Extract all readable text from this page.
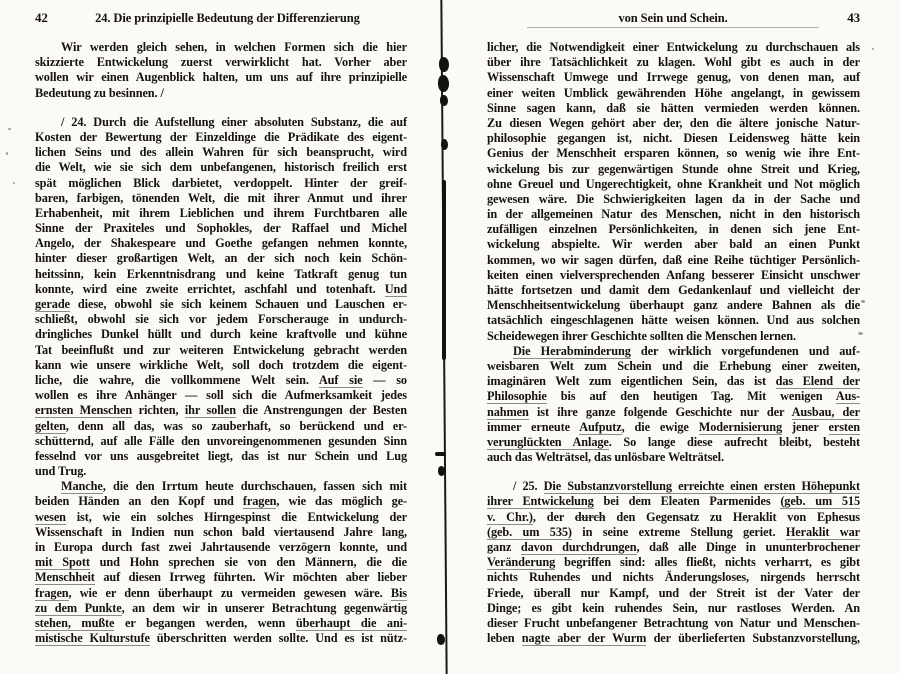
42	24. Die prinzipielle Bedeutung der Differenzierung
Wir werden gleich sehen, in welchen Formen sich die hier
skizzierte Entwickelung zuerst verwirklicht hat. Vorher aber
wollen wir einen Augenblick halten, um uns auf ihre prinzipielle
Bedeutung zu besinnen. /
/ 24. Durch die Aufstellung einer absoluten Substanz, die auf
Kosten der Bewertung der Einzeldinge die Prädikate des eigent-
lichen Seins und des allein Wahren für sich beansprucht, wird
die Welt, wie sie sich dem unbefangenen, historisch freilich erst
spät möglichen Blick darbietet, verdoppelt. Hinter der greif-
baren, farbigen, tönenden Welt, die mit ihrer Anmut und ihrer
Erhabenheit, mit ihrem Lieblichen und ihrem Furchtbaren alle
Sinne der Praxiteles und Sophokles, der Raffael und Michel
Angelo, der Shakespeare und Goethe gefangen nehmen konnte,
hinter dieser großartigen Welt, an der sich noch kein Schön-
heitssinn, kein Erkenntnisdrang und keine Tatkraft genug tun
konnte, wird eine zweite errichtet, aschfahl und totenhaft. Und
gerade diese, obwohl sie sich keinem Schauen und Lauschen er-
schließt, obwohl sie sich vor jedem Forscherauge in undurch-
dringliches Dunkel hüllt und durch keine kraftvolle und kühne
Tat beeinflußt und zur weiteren Entwickelung gebracht werden
kann wie unsere wirkliche Welt, soll doch trotzdem die eigent-
liche, die wahre, die vollkommene Welt sein. Auf sie — so
wollen es ihre Anhänger — soll sich die Aufmerksamkeit jedes
ernsten Menschen richten, ihr sollen die Anstrengungen der Besten
gelten, denn all das, was so zauberhaft, so berückend und er-
schütternd, auf alle Fälle den unvoreingenommenen gesunden Sinn
fesselnd vor uns ausgebreitet liegt, das ist nur Schein und Lug
und Trug.
Manche, die den Irrtum heute durchschauen, fassen sich mit
beiden Händen an den Kopf und fragen, wie das möglich ge-
wesen ist, wie ein solches Hirngespinst die Entwickelung der
Wissenschaft in Indien nun schon bald viertausend Jahre lang,
in Europa durch fast zwei Jahrtausende verzögern konnte, und
mit Spott und Hohn sprechen sie von den Männern, die die
Menschheit auf diesen Irrweg führten. Wir möchten aber lieber
fragen, wie er denn überhaupt zu vermeiden gewesen wäre. Bis
zu dem Punkte, an dem wir in unserer Betrachtung gegenwärtig
stehen, mußte er begangen werden, wenn überhaupt die ani-
mistische Kulturstufe überschritten werden sollte. Und es ist nütz-
von Sein und Schein.	43
licher, die Notwendigkeit einer Entwickelung zu durchschauen als
über ihre Tatsächlichkeit zu klagen. Wohl gibt es auch in der
Wissenschaft Umwege und Irrwege genug, von denen man, auf
einer weiten Umblick gewährenden Höhe angelangt, in gewissem
Sinne sagen kann, daß sie hätten vermieden werden können.
Zu diesen Wegen gehört aber der, den die ältere jonische Natur-
philosophie gegangen ist, nicht. Diesen Leidensweg hätte kein
Genius der Menschheit ersparen können, so wenig wie ihre Ent-
wickelung bis zur gegenwärtigen Stunde ohne Streit und Krieg,
ohne Greuel und Ungerechtigkeit, ohne Krankheit und Not möglich
gewesen wäre. Die Schwierigkeiten lagen da in der Sache und
in der allgemeinen Natur des Menschen, nicht in den historisch
zufälligen einzelnen Persönlichkeiten, in denen sich jene Ent-
wickelung abspielte. Wir werden aber bald an einen Punkt
kommen, wo wir sagen dürfen, daß eine Reihe tüchtiger Persönlich-
keiten einen vielversprechenden Anfang besserer Einsicht unschwer
hätte fortsetzen und damit dem Gedankenlauf und vielleicht der
Menschheitsentwickelung überhaupt ganz andere Bahnen als die
tatsächlich eingeschlagenen hätte weisen können. Und aus solchen
Scheidewegen ihrer Geschichte sollten die Menschen lernen.
Die Herabminderung der wirklich vorgefundenen und auf-
weisbaren Welt zum Schein und die Erhebung einer zweiten,
imaginären Welt zum eigentlichen Sein, das ist das Elend der
Philosophie bis auf den heutigen Tag. Mit wenigen Aus-
nahmen ist ihre ganze folgende Geschichte nur der Ausbau, der
immer erneute Aufputz, die ewige Modernisierung jener ersten
verunglückten Anlage. So lange diese aufrecht bleibt, besteht
auch das Welträtsel, das unlösbare Welträtsel.
/ 25. Die Substanzvorstellung erreichte einen ersten Höhepunkt
ihrer Entwickelung bei dem Eleaten Parmenides (geb. um 515
v. Chr.), der durch den Gegensatz zu Heraklit von Ephesus
(geb. um 535) in seine extreme Stellung geriet. Heraklit war
ganz davon durchdrungen, daß alle Dinge in ununterbrochener
Veränderung begriffen sind: alles fließt, nichts verharrt, es gibt
nichts Ruhendes und nichts Änderungsloses, nirgends herrscht
Friede, überall nur Kampf, und der Streit ist der Vater der
Dinge; es gibt kein ruhendes Sein, nur rastloses Werden. An
dieser Frucht unbefangener Betrachtung von Natur und Menschen-
leben nagte aber der Wurm der überlieferten Substanzvorstellung,
